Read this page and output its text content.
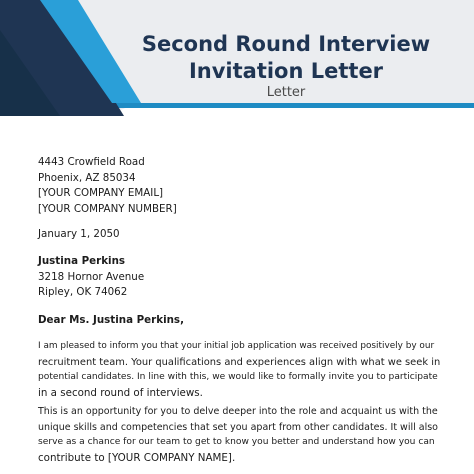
Second Round Interview
Invitation Letter
Letter
4443 Crowfield Road
Phoenix, AZ 85034
[YOUR COMPANY EMAIL]
[YOUR COMPANY NUMBER]
January 1, 2050
Justina Perkins
3218 Hornor Avenue
Ripley, OK 74062
Dear Ms. Justina Perkins,
I am pleased to inform you that your initial job application was received positively by our
recruitment team. Your qualifications and experiences align with what we seek in
potential candidates. In line with this, we would like to formally invite you to participate
in a second round of interviews.
This is an opportunity for you to delve deeper into the role and acquaint us with the
unique skills and competencies that set you apart from other candidates. It will also
serve as a chance for our team to get to know you better and understand how you can
contribute to [YOUR COMPANY NAME].
